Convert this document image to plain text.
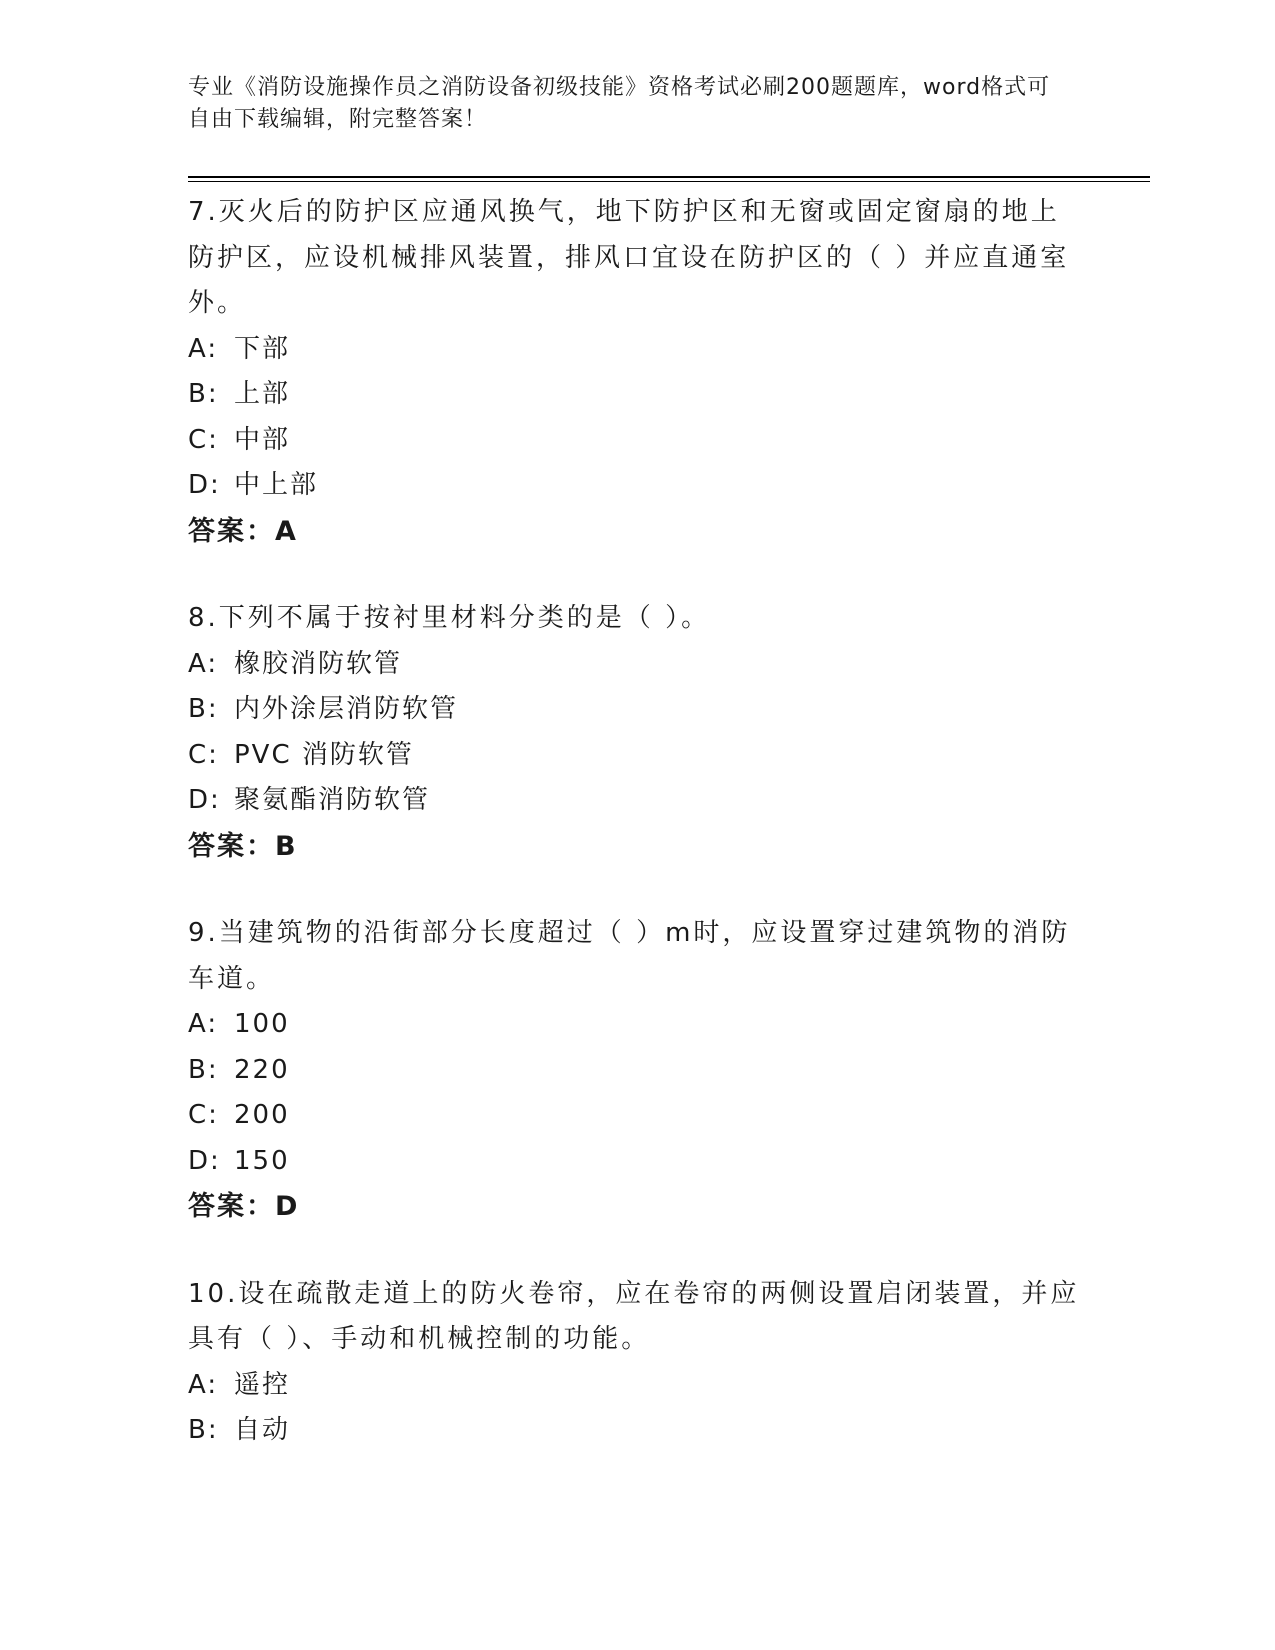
专业《消防设施操作员之消防设备初级技能》资格考试必刷200题题库，word格式可自由下载编辑，附完整答案！

7.灭火后的防护区应通风换气，地下防护区和无窗或固定窗扇的地上防护区，应设机械排风装置，排风口宜设在防护区的（ ）并应直通室外。

A: 下部

B: 上部

C: 中部

D: 中上部

答案：A

8.下列不属于按衬里材料分类的是（ ）。

A: 橡胶消防软管

B: 内外涂层消防软管

C: PVC 消防软管

D: 聚氨酯消防软管

答案：B

9.当建筑物的沿街部分长度超过（ ）m时，应设置穿过建筑物的消防车道。

A: 100

B: 220

C: 200

D: 150

答案：D

10.设在疏散走道上的防火卷帘，应在卷帘的两侧设置启闭装置，并应具有（ ）、手动和机械控制的功能。

A: 遥控

B: 自动
